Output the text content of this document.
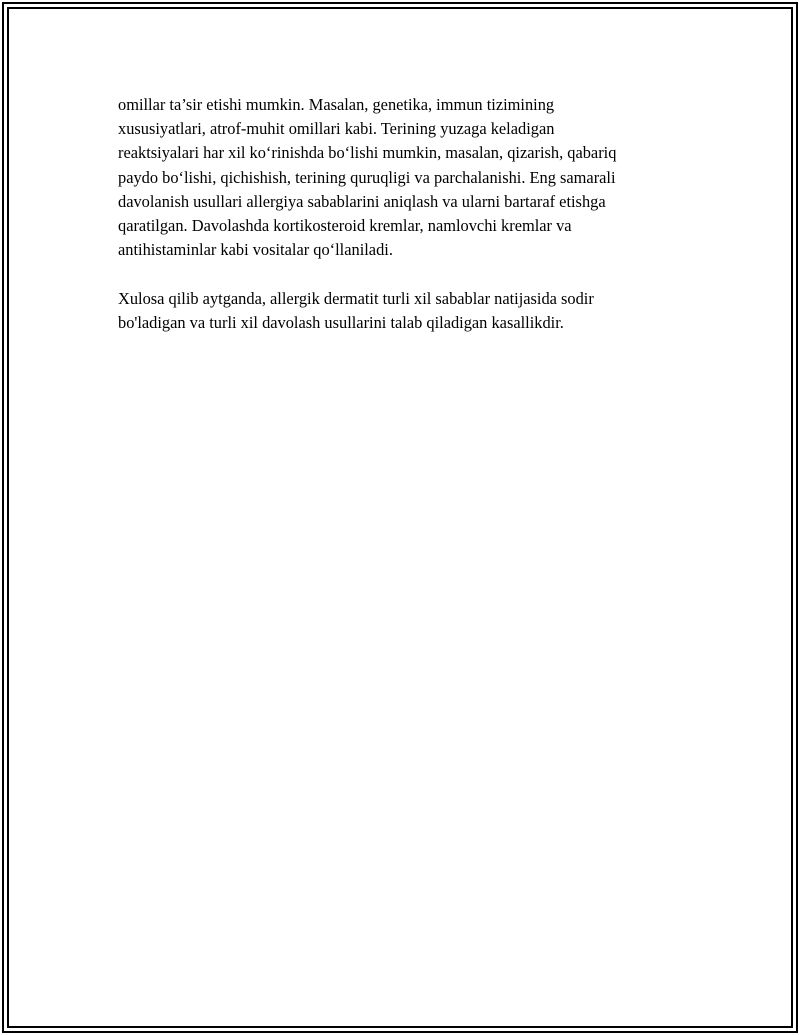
omillar ta’sir etishi mumkin. Masalan, genetika, immun tizimining
xususiyatlari, atrof-muhit omillari kabi. Terining yuzaga keladigan
reaktsiyalari har xil ko‘rinishda bo‘lishi mumkin, masalan, qizarish, qabariq
paydo bo‘lishi, qichishish, terining quruqligi va parchalanishi. Eng samarali
davolanish usullari allergiya sabablarini aniqlash va ularni bartaraf etishga
qaratilgan. Davolashda kortikosteroid kremlar, namlovchi kremlar va
antihistaminlar kabi vositalar qo‘llaniladi.

Xulosa qilib aytganda, allergik dermatit turli xil sabablar natijasida sodir
bo'ladigan va turli xil davolash usullarini talab qiladigan kasallikdir.
